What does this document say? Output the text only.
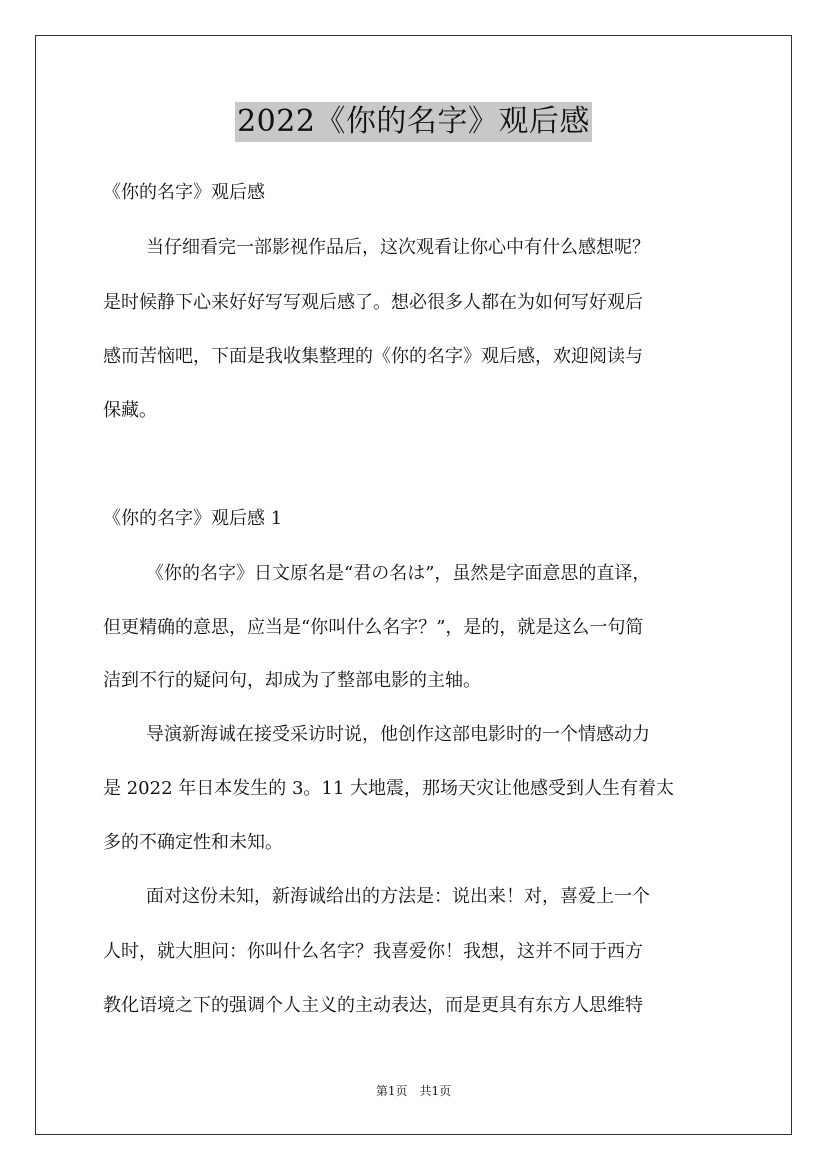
2022《你的名字》观后感
《你的名字》观后感
当仔细看完一部影视作品后，这次观看让你心中有什么感想呢？
是时候静下心来好好写写观后感了。想必很多人都在为如何写好观后
感而苦恼吧，下面是我收集整理的《你的名字》观后感，欢迎阅读与
保藏。
《你的名字》观后感 1
《你的名字》日文原名是“君の名は”，虽然是字面意思的直译，
但更精确的意思，应当是“你叫什么名字？”，是的，就是这么一句简
洁到不行的疑问句，却成为了整部电影的主轴。
导演新海诚在接受采访时说，他创作这部电影时的一个情感动力
是 2022 年日本发生的 3。11 大地震，那场天灾让他感受到人生有着太
多的不确定性和未知。
面对这份未知，新海诚给出的方法是：说出来！对，喜爱上一个
人时，就大胆问：你叫什么名字？我喜爱你！我想，这并不同于西方
教化语境之下的强调个人主义的主动表达，而是更具有东方人思维特
第1页　共1页
